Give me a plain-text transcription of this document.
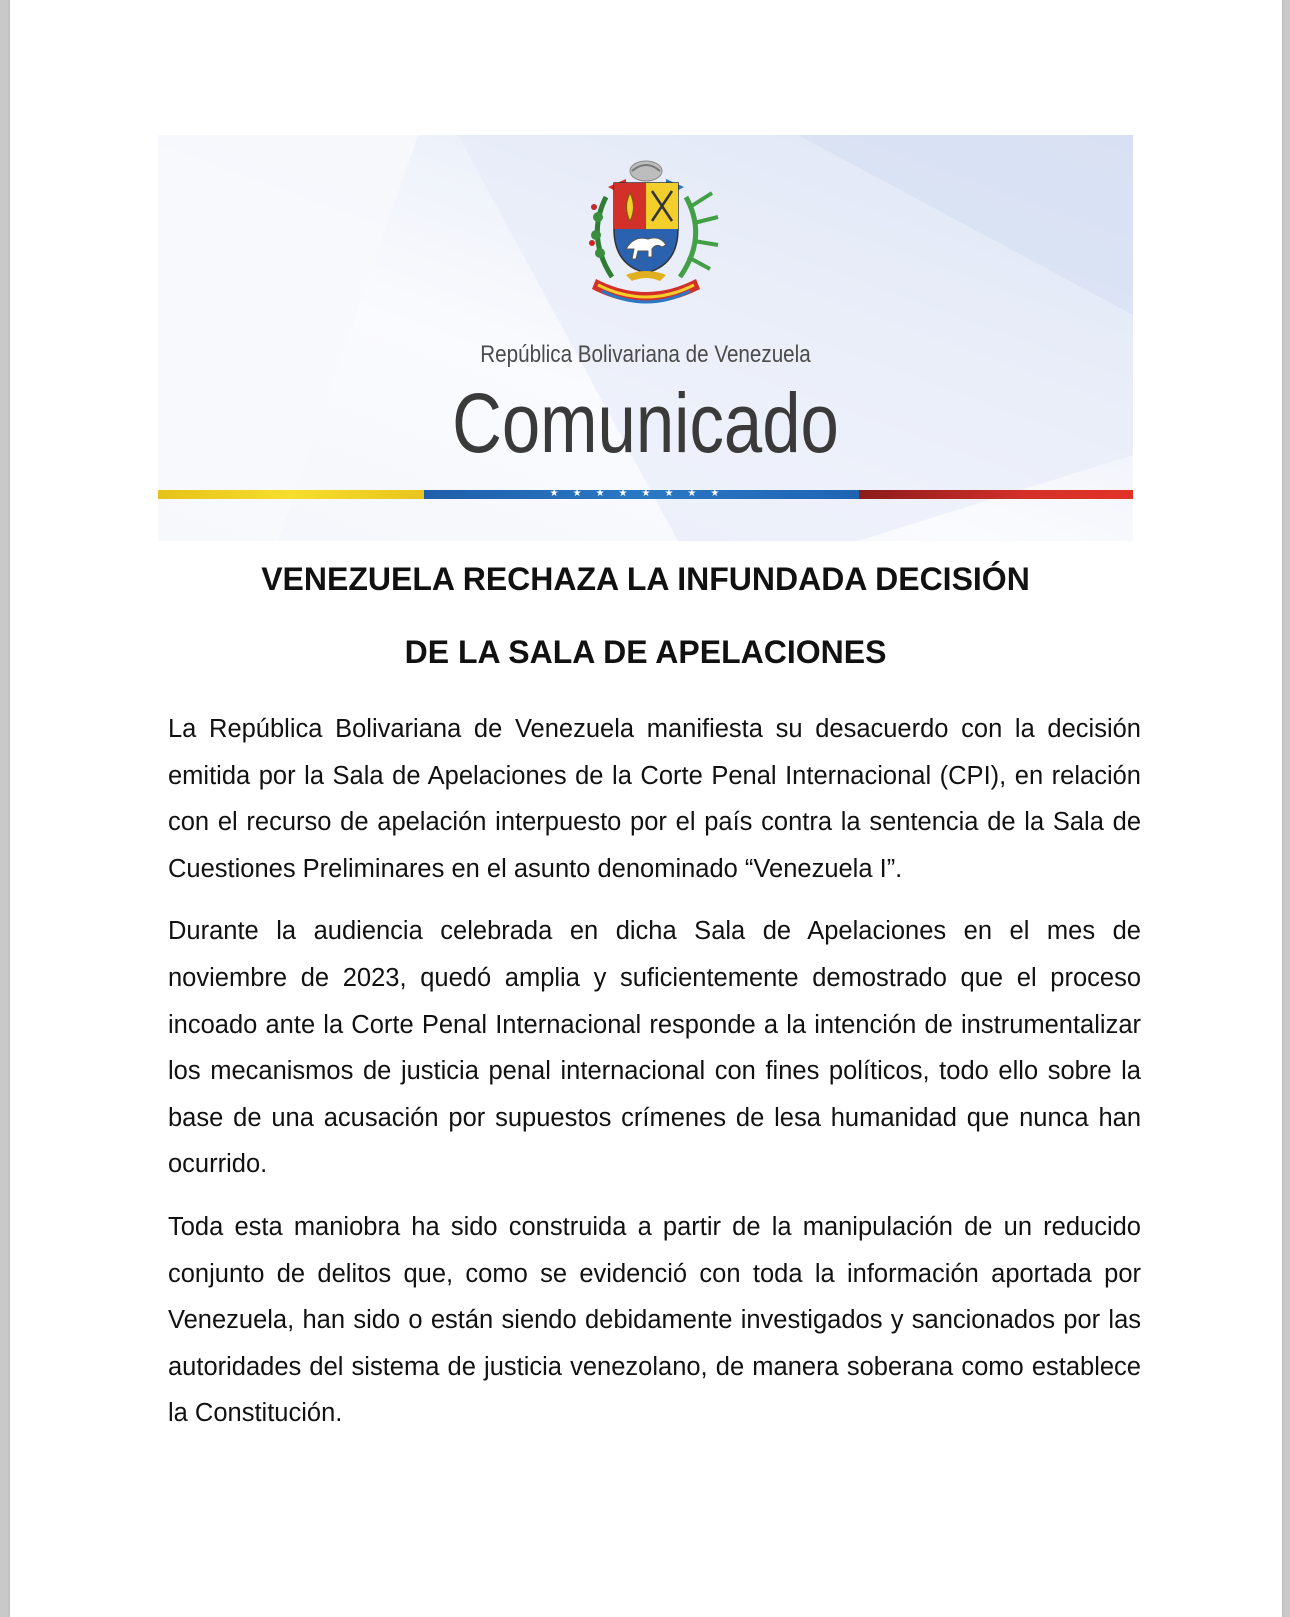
República Bolivariana de Venezuela
Comunicado
★★★★★★★★
VENEZUELA RECHAZA LA INFUNDADA DECISIÓN
DE LA SALA DE APELACIONES

La República Bolivariana de Venezuela manifiesta su desacuerdo con la decisión emitida por la Sala de Apelaciones de la Corte Penal Internacional (CPI), en relación con el recurso de apelación interpuesto por el país contra la sentencia de la Sala de Cuestiones Preliminares en el asunto denominado “Venezuela I”.

Durante la audiencia celebrada en dicha Sala de Apelaciones en el mes de noviembre de 2023, quedó amplia y suficientemente demostrado que el proceso incoado ante la Corte Penal Internacional responde a la intención de instrumentalizar los mecanismos de justicia penal internacional con fines políticos, todo ello sobre la base de una acusación por supuestos crímenes de lesa humanidad que nunca han ocurrido.

Toda esta maniobra ha sido construida a partir de la manipulación de un reducido conjunto de delitos que, como se evidenció con toda la información aportada por Venezuela, han sido o están siendo debidamente investigados y sancionados por las autoridades del sistema de justicia venezolano, de manera soberana como establece la Constitución.
